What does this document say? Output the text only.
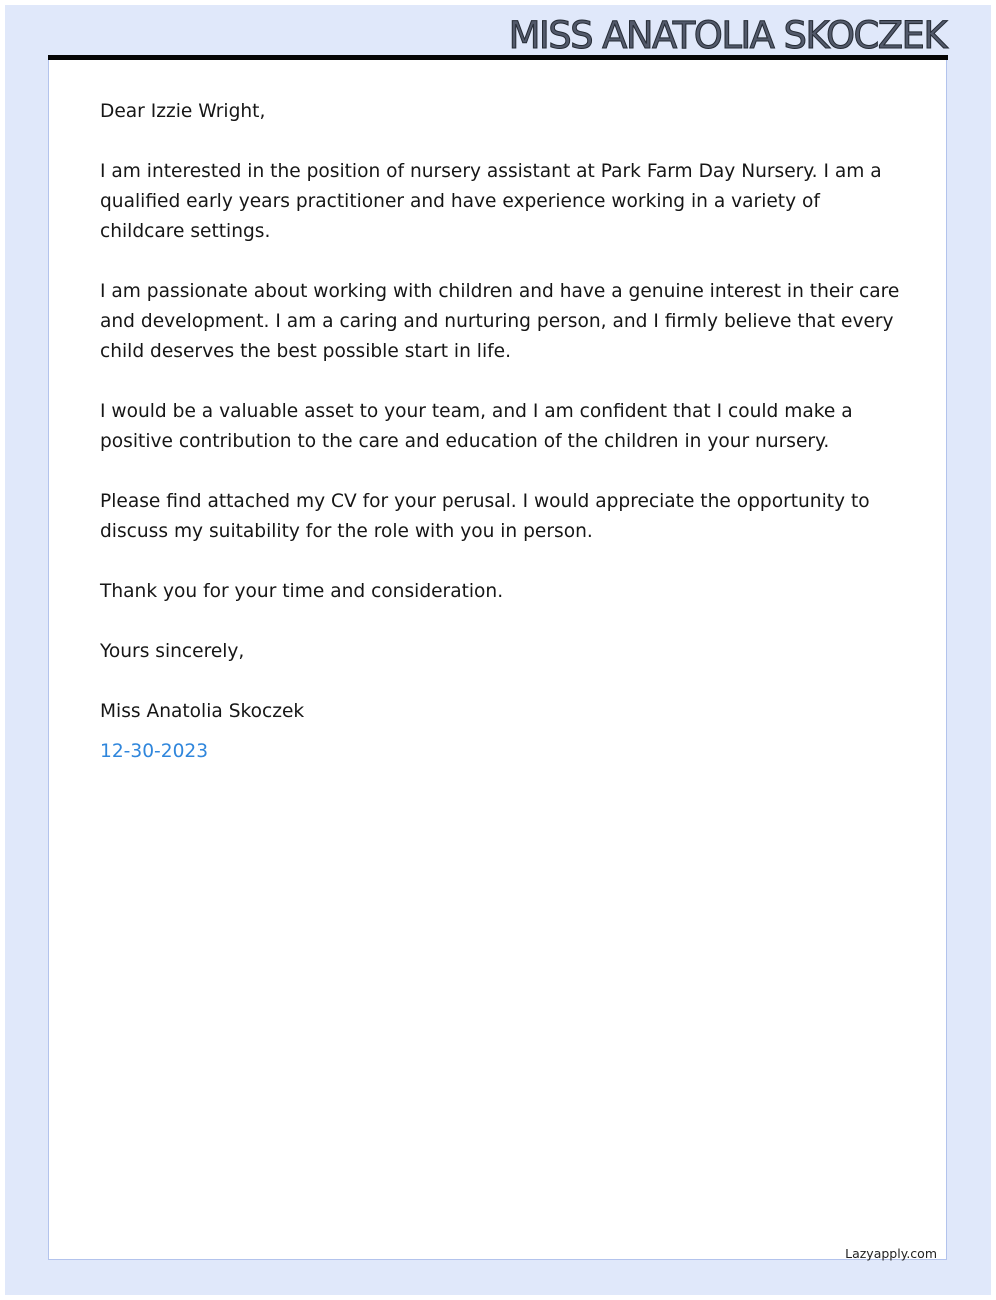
MISS ANATOLIA SKOCZEK

Dear Izzie Wright,

I am interested in the position of nursery assistant at Park Farm Day Nursery. I am a qualified early years practitioner and have experience working in a variety of childcare settings.

I am passionate about working with children and have a genuine interest in their care and development. I am a caring and nurturing person, and I firmly believe that every child deserves the best possible start in life.

I would be a valuable asset to your team, and I am confident that I could make a positive contribution to the care and education of the children in your nursery.

Please find attached my CV for your perusal. I would appreciate the opportunity to discuss my suitability for the role with you in person.

Thank you for your time and consideration.

Yours sincerely,

Miss Anatolia Skoczek

12-30-2023

Lazyapply.com
